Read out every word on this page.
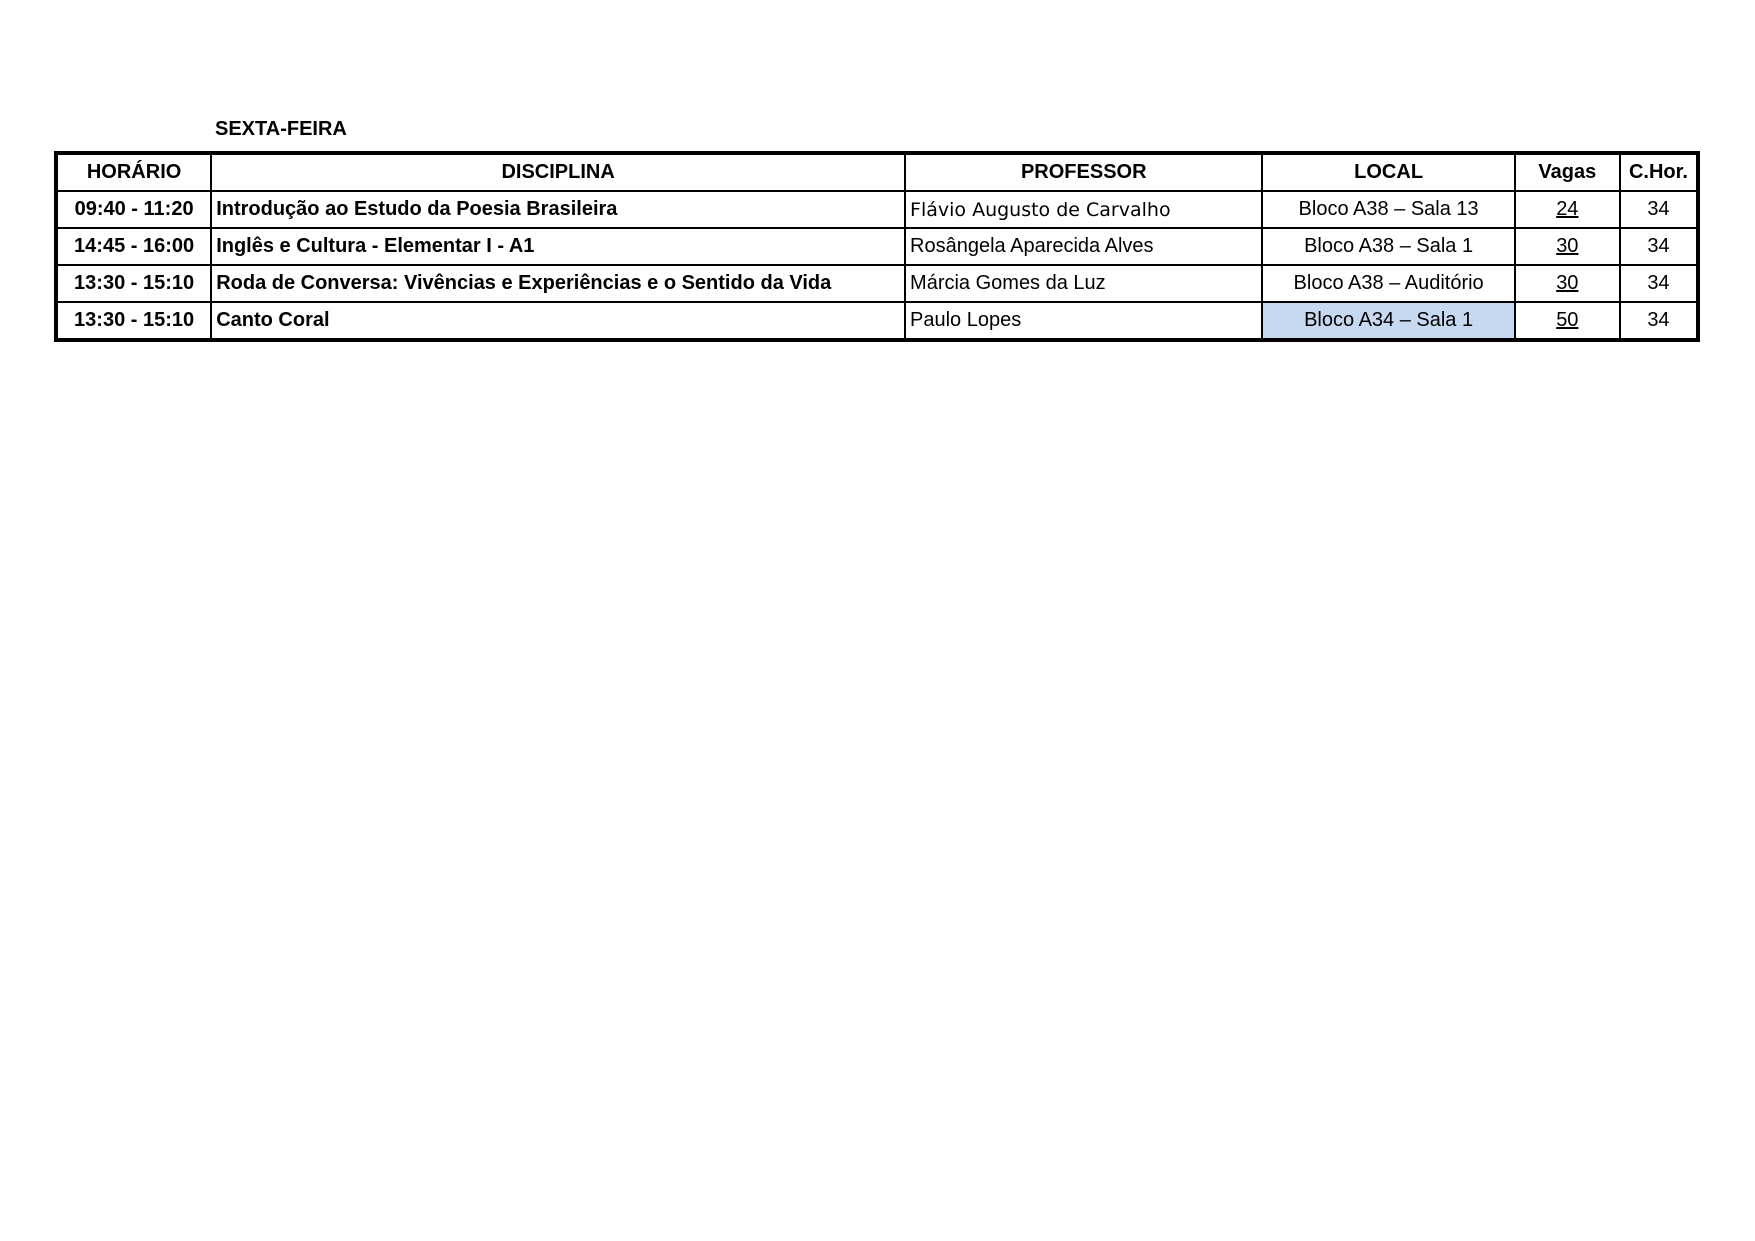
SEXTA-FEIRA
HORÁRIO	DISCIPLINA	PROFESSOR	LOCAL	Vagas	C.Hor.
09:40 - 11:20	Introdução ao Estudo da Poesia Brasileira	Flávio Augusto de Carvalho	Bloco A38 – Sala 13	24	34
14:45 - 16:00	Inglês e Cultura - Elementar I - A1	Rosângela Aparecida Alves	Bloco A38 – Sala 1	30	34
13:30 - 15:10	Roda de Conversa: Vivências e Experiências e o Sentido da Vida	Márcia Gomes da Luz	Bloco A38 – Auditório	30	34
13:30 - 15:10	Canto Coral	Paulo Lopes	Bloco A34 – Sala 1	50	34
